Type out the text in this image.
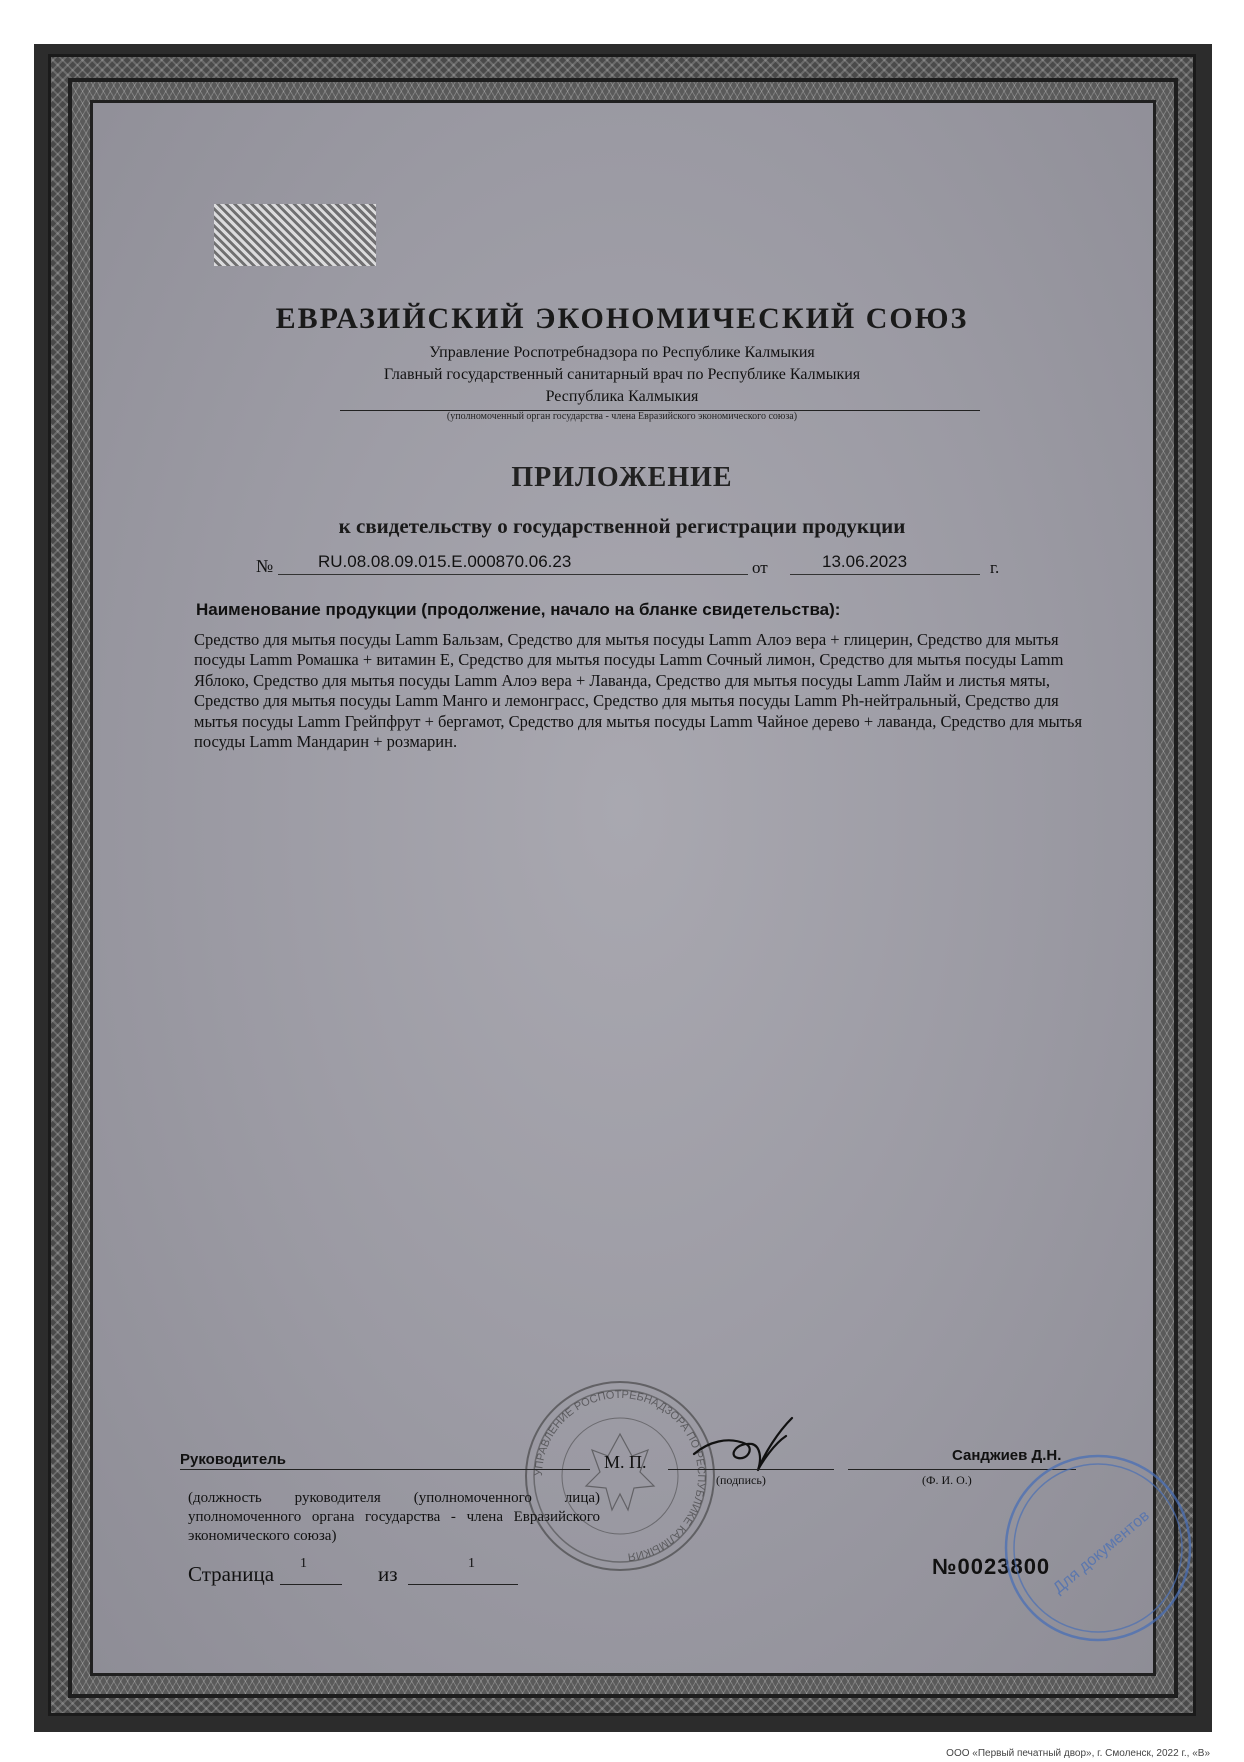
ЕВРАЗИЙСКИЙ ЭКОНОМИЧЕСКИЙ СОЮЗ
Управление Роспотребнадзора по Республике Калмыкия
Главный государственный санитарный врач по Республике Калмыкия
Республика Калмыкия
(уполномоченный орган государства - члена Евразийского экономического союза)
ПРИЛОЖЕНИЕ
к свидетельству о государственной регистрации продукции
№	RU.08.08.09.015.E.000870.06.23	от	13.06.2023	г.
Наименование продукции (продолжение, начало на бланке свидетельства):
Средство для мытья посуды Lamm Бальзам, Средство для мытья посуды Lamm Алоэ вера + глицерин, Средство для мытья посуды Lamm Ромашка + витамин Е, Средство для мытья посуды Lamm Сочный лимон, Средство для мытья посуды Lamm Яблоко, Средство для мытья посуды Lamm Алоэ вера + Лаванда, Средство для мытья посуды Lamm Лайм и листья мяты, Средство для мытья посуды Lamm Манго и лемонграсс, Средство для мытья посуды Lamm Ph-нейтральный, Средство для мытья посуды Lamm Грейпфрут + бергамот, Средство для мытья посуды Lamm Чайное дерево + лаванда, Средство для мытья посуды Lamm Мандарин + розмарин.
УПРАВЛЕНИЕ РОСПОТРЕБНАДЗОРА ПО РЕСПУБЛИКЕ КАЛМЫКИЯ
Руководитель	М. П.
(подпись)
Санджиев Д.Н.
(Ф. И. О.)
(должность руководителя (уполномоченного лица) уполномоченного органа государства - члена Евразийского экономического союза)
Страница 1	из	1	№0023800 Для документов
ООО «Первый печатный двор», г. Смоленск, 2022 г., «В»
